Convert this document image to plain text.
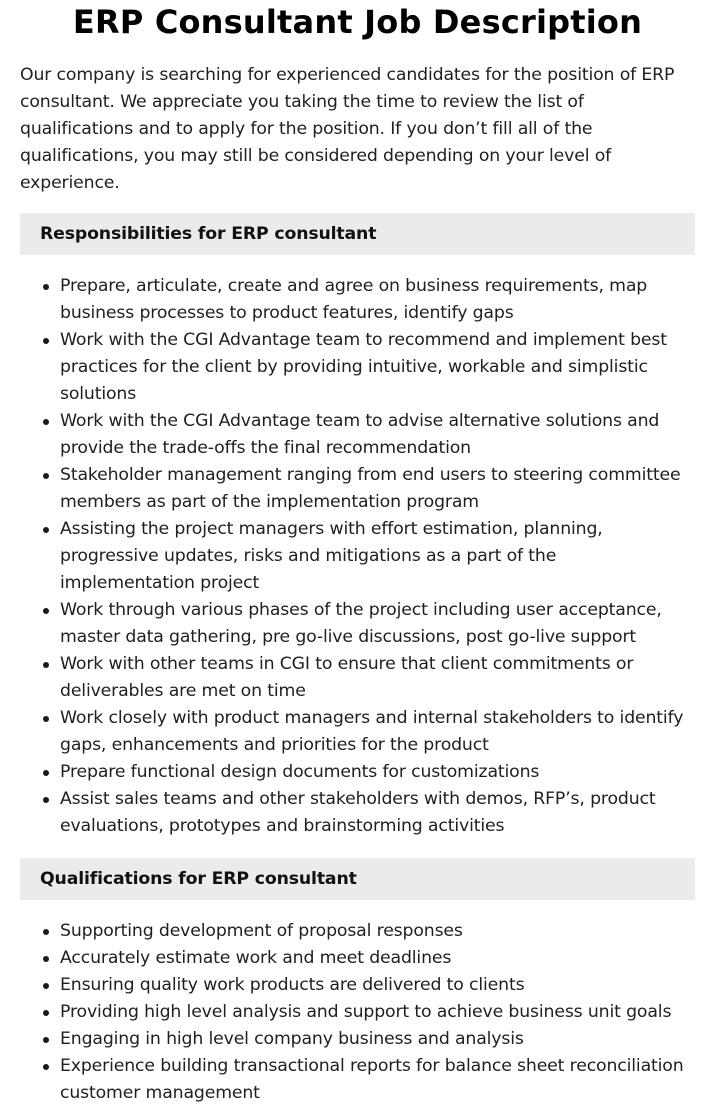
ERP Consultant Job Description

Our company is searching for experienced candidates for the position of ERP consultant. We appreciate you taking the time to review the list of qualifications and to apply for the position. If you don’t fill all of the qualifications, you may still be considered depending on your level of experience.

Responsibilities for ERP consultant
Prepare, articulate, create and agree on business requirements, map business processes to product features, identify gaps
Work with the CGI Advantage team to recommend and implement best practices for the client by providing intuitive, workable and simplistic solutions
Work with the CGI Advantage team to advise alternative solutions and provide the trade-offs the final recommendation
Stakeholder management ranging from end users to steering committee members as part of the implementation program
Assisting the project managers with effort estimation, planning, progressive updates, risks and mitigations as a part of the implementation project
Work through various phases of the project including user acceptance, master data gathering, pre go-live discussions, post go-live support
Work with other teams in CGI to ensure that client commitments or deliverables are met on time
Work closely with product managers and internal stakeholders to identify gaps, enhancements and priorities for the product
Prepare functional design documents for customizations
Assist sales teams and other stakeholders with demos, RFP’s, product evaluations, prototypes and brainstorming activities
Qualifications for ERP consultant
Supporting development of proposal responses
Accurately estimate work and meet deadlines
Ensuring quality work products are delivered to clients
Providing high level analysis and support to achieve business unit goals
Engaging in high level company business and analysis
Experience building transactional reports for balance sheet reconciliation customer management
